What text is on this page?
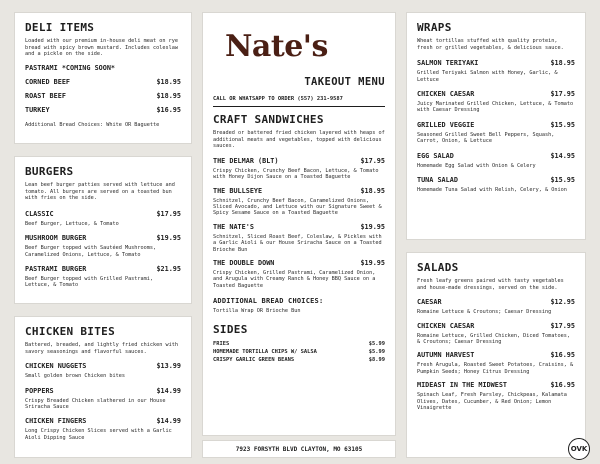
DELI ITEMS
Loaded with our premium in-house deli meat on rye bread with spicy brown mustard. Includes coleslaw and a pickle on the side.
PASTRAMI *COMING SOON*
CORNED BEEF	$18.95
ROAST BEEF	$18.95
TURKEY	$16.95
Additional Bread Choices: White OR Baguette
BURGERS
Lean beef burger patties served with lettuce and tomato. All burgers are served on a toasted bun with fries on the side.
CLASSIC	$17.95
Beef Burger, Lettuce, & Tomato
MUSHROOM BURGER	$19.95
Beef Burger topped with Sautéed Mushrooms, Caramelized Onions, Lettuce, & Tomato
PASTRAMI BURGER	$21.95
Beef Burger topped with Grilled Pastrami, Lettuce, & Tomato
CHICKEN BITES
Battered, breaded, and lightly fried chicken with savory seasonings and flavorful sauces.
CHICKEN NUGGETS	$13.99
Small golden brown Chicken bites
POPPERS	$14.99
Crispy Breaded Chicken slathered in our House Sriracha Sauce
CHICKEN FINGERS	$14.99
Long Crispy Chicken Slices served with a Garlic Aioli Dipping Sauce
Nate's
TAKEOUT MENU
CALL OR WHATSAPP TO ORDER (557) 231-9587
CRAFT SANDWICHES
Breaded or battered fried chicken layered with heaps of additional meats and vegetables, topped with delicious sauces.
THE DELMAR (BLT)	$17.95
Crispy Chicken, Crunchy Beef Bacon, Lettuce, & Tomato with Honey Dijon Sauce on a Toasted Baguette
THE BULLSEYE	$18.95
Schnitzel, Crunchy Beef Bacon, Caramelized Onions, Sliced Avocado, and Lettuce with our Signature Sweet & Spicy Sesame Sauce on a Toasted Baguette
THE NATE'S	$19.95
Schnitzel, Sliced Roast Beef, Coleslaw, & Pickles with a Garlic Aioli & our House Sriracha Sauce on a Toasted Brioche Bun
THE DOUBLE DOWN	$19.95
Crispy Chicken, Grilled Pastrami, Caramelized Onion, and Arugula with Creamy Ranch & Honey BBQ Sauce on a Toasted Baguette
ADDITIONAL BREAD CHOICES:
Tortilla Wrap OR Brioche Bun
SIDES
FRIES	$5.99
HOMEMADE TORTILLA CHIPS W/ SALSA	$5.99
CRISPY GARLIC GREEN BEANS	$8.99
7923 FORSYTH BLVD CLAYTON, MO 63105
WRAPS
Wheat tortillas stuffed with quality protein, fresh or grilled vegetables, & delicious sauce.
SALMON TERIYAKI	$18.95
Grilled Teriyaki Salmon with Honey, Garlic, & Lettuce
CHICKEN CAESAR	$17.95
Juicy Marinated Grilled Chicken, Lettuce, & Tomato with Caesar Dressing
GRILLED VEGGIE	$15.95
Seasoned Grilled Sweet Bell Peppers, Squash, Carrot, Onion, & Lettuce
EGG SALAD	$14.95
Homemade Egg Salad with Onion & Celery
TUNA SALAD	$15.95
Homemade Tuna Salad with Relish, Celery, & Onion
SALADS
Fresh leafy greens paired with tasty vegetables and house-made dressings, served on the side.
CAESAR	$12.95
Romaine Lettuce & Croutons; Caesar Dressing
CHICKEN CAESAR	$17.95
Romaine Lettuce, Grilled Chicken, Diced Tomatoes, & Croutons; Caesar Dressing
AUTUMN HARVEST	$16.95
Fresh Arugula, Roasted Sweet Potatoes, Craisins, & Pumpkin Seeds; Honey Citrus Dressing
MIDEAST IN THE MIDWEST	$16.95
Spinach Leaf, Fresh Parsley, Chickpeas, Kalamata Olives, Dates, Cucumber, & Red Onion; Lemon Vinaigrette
OVK
